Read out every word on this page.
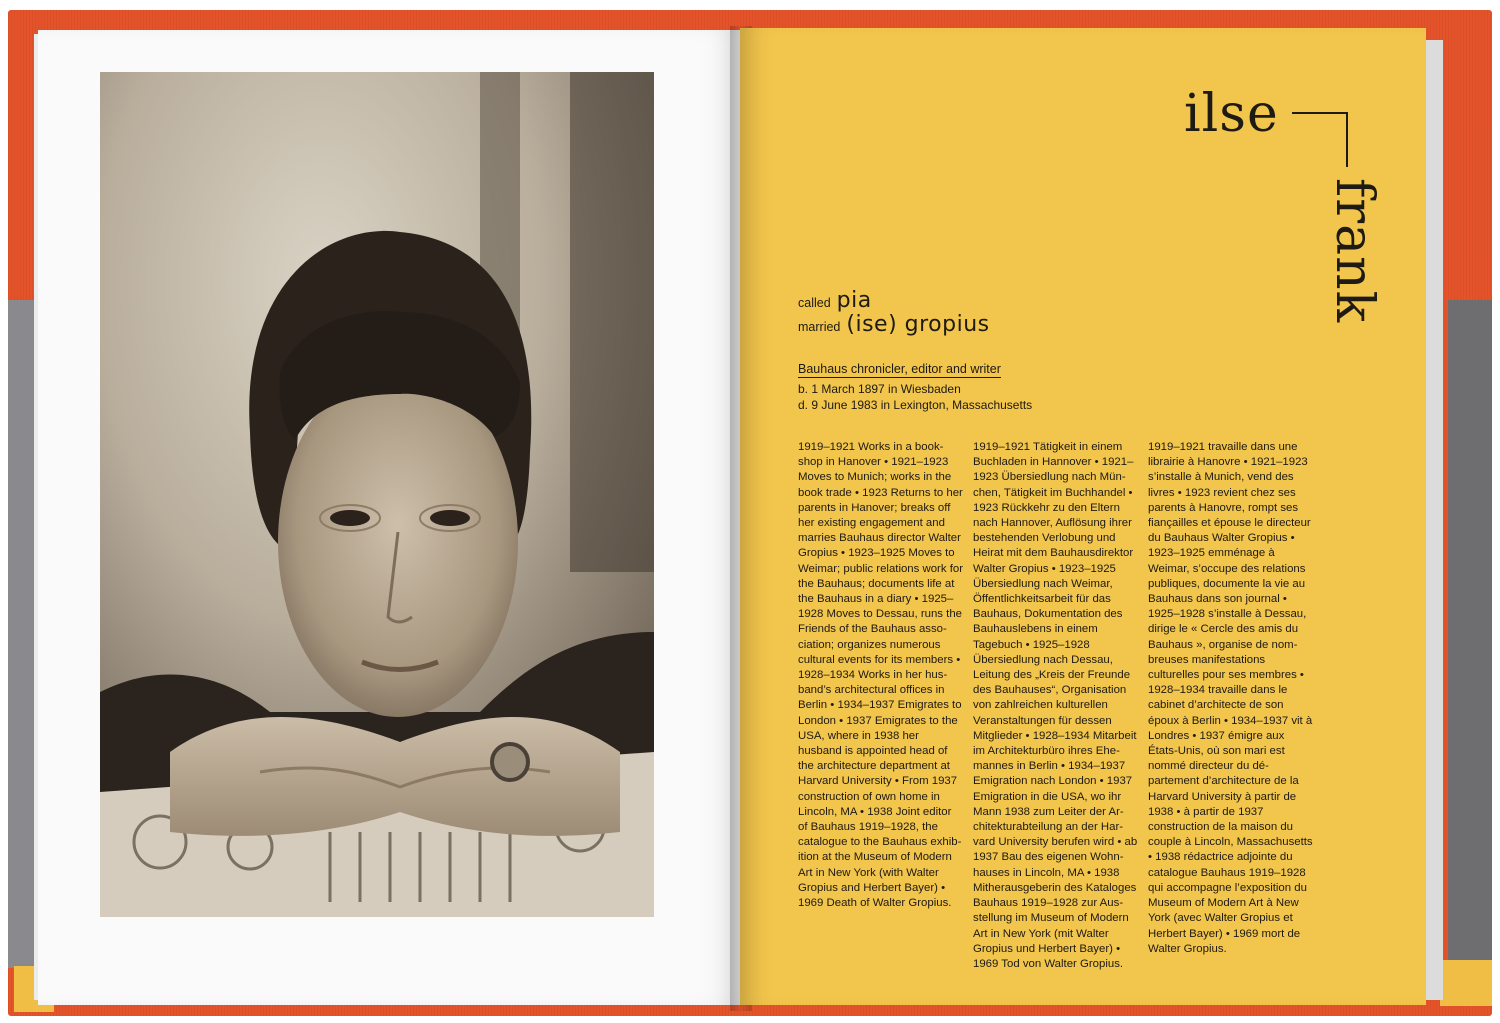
ilse
frank
called pia
married (ise) gropius
Bauhaus chronicler, editor and writer
b. 1 March 1897 in Wiesbaden
d. 9 June 1983 in Lexington, Massachusetts

1919–1921 Works in a bookshop in Hanover • 1921–1923 Moves to Munich; works in the book trade • 1923 Returns to her parents in Hanover; breaks off her existing engagement and marries Bauhaus director Walter Gropius • 1923–1925 Moves to Weimar; public relations work for the Bauhaus; documents life at the Bauhaus in a diary • 1925–1928 Moves to Dessau, runs the Friends of the Bauhaus association; organizes numerous cultural events for its members • 1928–1934 Works in her husband’s architectural offices in Berlin • 1934–1937 Emigrates to London • 1937 Emigrates to the USA, where in 1938 her husband is appointed head of the architecture department at Harvard University • From 1937 construction of own home in Lincoln, MA • 1938 Joint editor of Bauhaus 1919–1928, the catalogue to the Bauhaus exhibition at the Museum of Modern Art in New York (with Walter Gropius and Herbert Bayer) • 1969 Death of Walter Gropius.

1919–1921 Tätigkeit in einem Buchladen in Hannover • 1921–1923 Übersiedlung nach München, Tätigkeit im Buchhandel • 1923 Rückkehr zu den Eltern nach Hannover, Auflösung ihrer bestehenden Verlobung und Heirat mit dem Bauhausdirektor Walter Gropius • 1923–1925 Übersiedlung nach Weimar, Öffentlichkeitsarbeit für das Bauhaus, Dokumentation des Bauhauslebens in einem Tagebuch • 1925–1928 Übersiedlung nach Dessau, Leitung des „Kreis der Freunde des Bauhauses“, Organisation von zahlreichen kulturellen Veranstaltungen für dessen Mitglieder • 1928–1934 Mitarbeit im Architekturbüro ihres Ehemannes in Berlin • 1934–1937 Emigration nach London • 1937 Emigration in die USA, wo ihr Mann 1938 zum Leiter der Architekturabteilung an der Harvard University berufen wird • ab 1937 Bau des eigenen Wohnhauses in Lincoln, MA • 1938 Mitherausgeberin des Kataloges Bauhaus 1919–1928 zur Ausstellung im Museum of Modern Art in New York (mit Walter Gropius und Herbert Bayer) • 1969 Tod von Walter Gropius.

1919–1921 travaille dans une librairie à Hanovre • 1921–1923 s’installe à Munich, vend des livres • 1923 revient chez ses parents à Hanovre, rompt ses fiançailles et épouse le directeur du Bauhaus Walter Gropius • 1923–1925 emménage à Weimar, s’occupe des relations publiques, documente la vie au Bauhaus dans son journal • 1925–1928 s’installe à Dessau, dirige le « Cercle des amis du Bauhaus », organise de nombreuses manifestations culturelles pour ses membres • 1928–1934 travaille dans le cabinet d’architecte de son époux à Berlin • 1934–1937 vit à Londres • 1937 émigre aux États-Unis, où son mari est nommé directeur du département d’architecture de la Harvard University à partir de 1938 • à partir de 1937 construction de la maison du couple à Lincoln, Massachusetts • 1938 rédactrice adjointe du catalogue Bauhaus 1919–1928 qui accompagne l’exposition du Museum of Modern Art à New York (avec Walter Gropius et Herbert Bayer) • 1969 mort de Walter Gropius.
